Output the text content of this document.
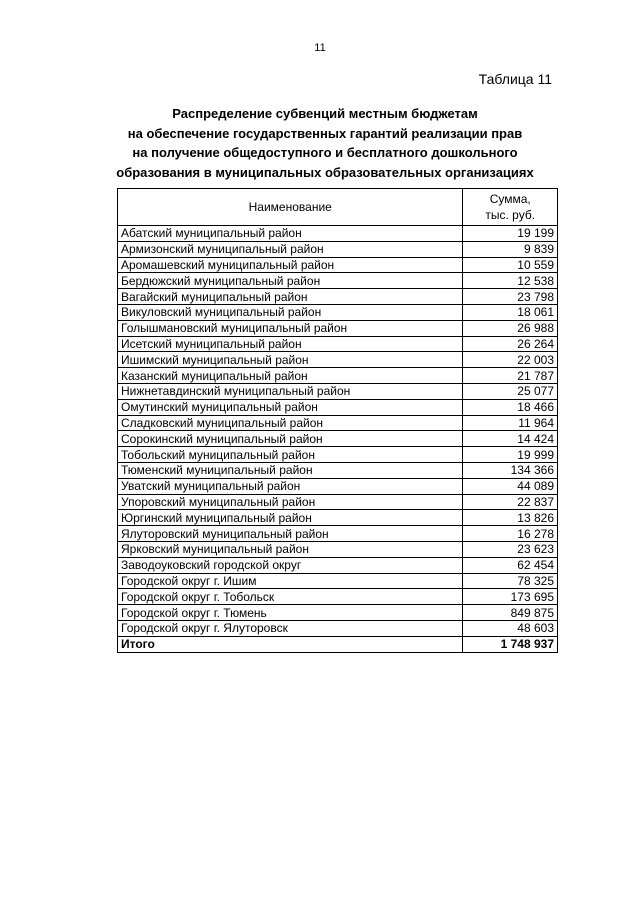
11
Таблица 11
Распределение субвенций местным бюджетам
на обеспечение государственных гарантий реализации прав
на получение общедоступного и бесплатного дошкольного
образования в муниципальных образовательных организациях
Наименование	Сумма,
тыс. руб.
Абатский муниципальный район	19 199
Армизонский муниципальный район	9 839
Аромашевский муниципальный район	10 559
Бердюжский муниципальный район	12 538
Вагайский муниципальный район	23 798
Викуловский муниципальный район	18 061
Голышмановский муниципальный район	26 988
Исетский муниципальный район	26 264
Ишимский муниципальный район	22 003
Казанский муниципальный район	21 787
Нижнетавдинский муниципальный район	25 077
Омутинский муниципальный район	18 466
Сладковский муниципальный район	11 964
Сорокинский муниципальный район	14 424
Тобольский муниципальный район	19 999
Тюменский муниципальный район	134 366
Уватский муниципальный район	44 089
Упоровский муниципальный район	22 837
Юргинский муниципальный район	13 826
Ялуторовский муниципальный район	16 278
Ярковский муниципальный район	23 623
Заводоуковский городской округ	62 454
Городской округ г. Ишим	78 325
Городской округ г. Тобольск	173 695
Городской округ г. Тюмень	849 875
Городской округ г. Ялуторовск	48 603
Итого	1 748 937
